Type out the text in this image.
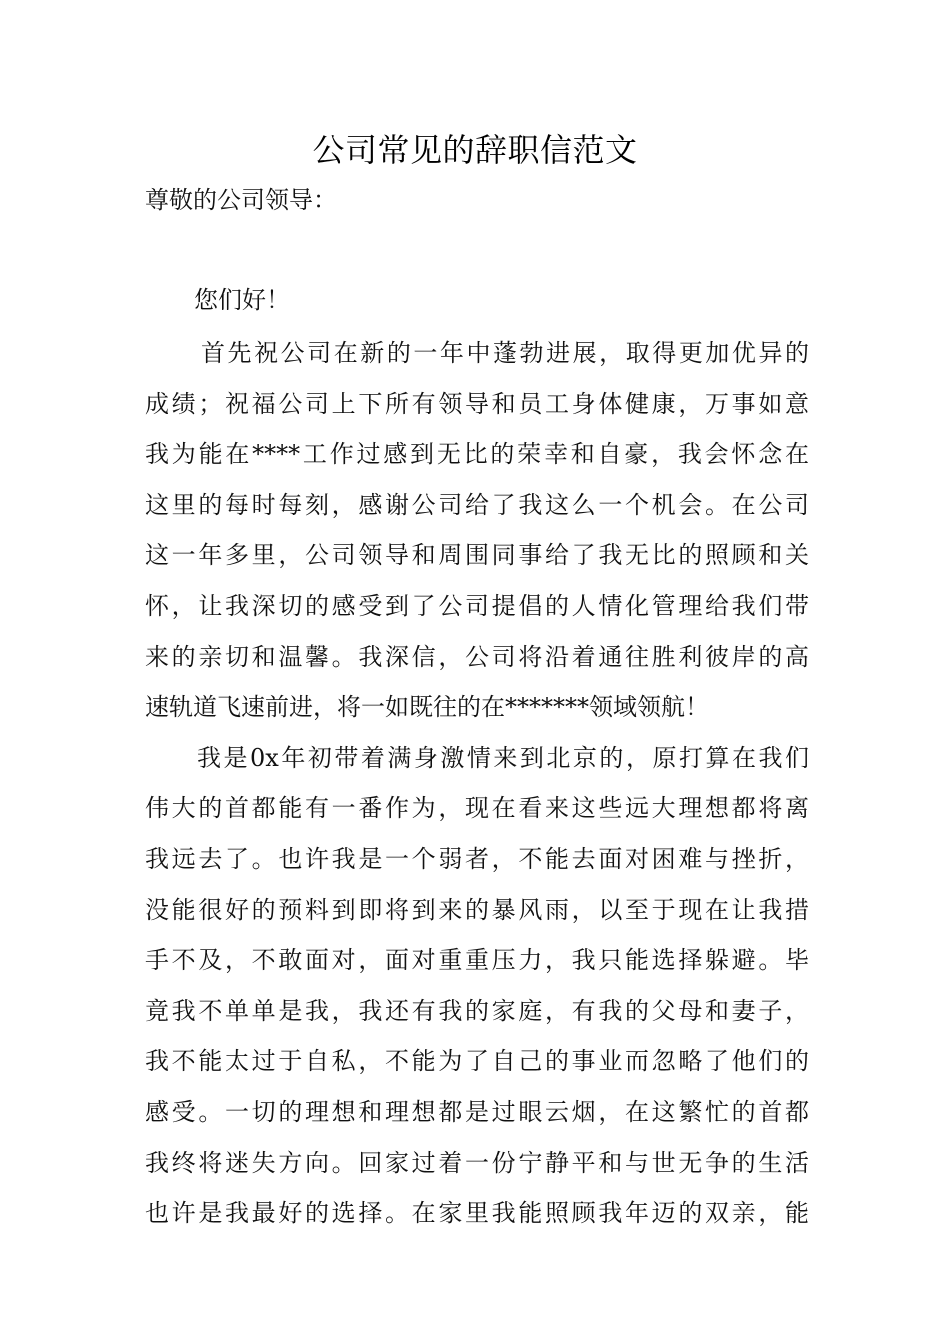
公司常见的辞职信范文
尊敬的公司领导：
您们好！
首先祝公司在新的一年中蓬勃进展，取得更加优异的
成绩；祝福公司上下所有领导和员工身体健康，万事如意
我为能在****工作过感到无比的荣幸和自豪，我会怀念在
这里的每时每刻，感谢公司给了我这么一个机会。在公司
这一年多里，公司领导和周围同事给了我无比的照顾和关
怀，让我深切的感受到了公司提倡的人情化管理给我们带
来的亲切和温馨。我深信，公司将沿着通往胜利彼岸的高
速轨道飞速前进，将一如既往的在*******领域领航！
我是0x年初带着满身激情来到北京的，原打算在我们
伟大的首都能有一番作为，现在看来这些远大理想都将离
我远去了。也许我是一个弱者，不能去面对困难与挫折，
没能很好的预料到即将到来的暴风雨，以至于现在让我措
手不及，不敢面对，面对重重压力，我只能选择躲避。毕
竟我不单单是我，我还有我的家庭，有我的父母和妻子，
我不能太过于自私，不能为了自己的事业而忽略了他们的
感受。一切的理想和理想都是过眼云烟，在这繁忙的首都
我终将迷失方向。回家过着一份宁静平和与世无争的生活
也许是我最好的选择。在家里我能照顾我年迈的双亲，能
